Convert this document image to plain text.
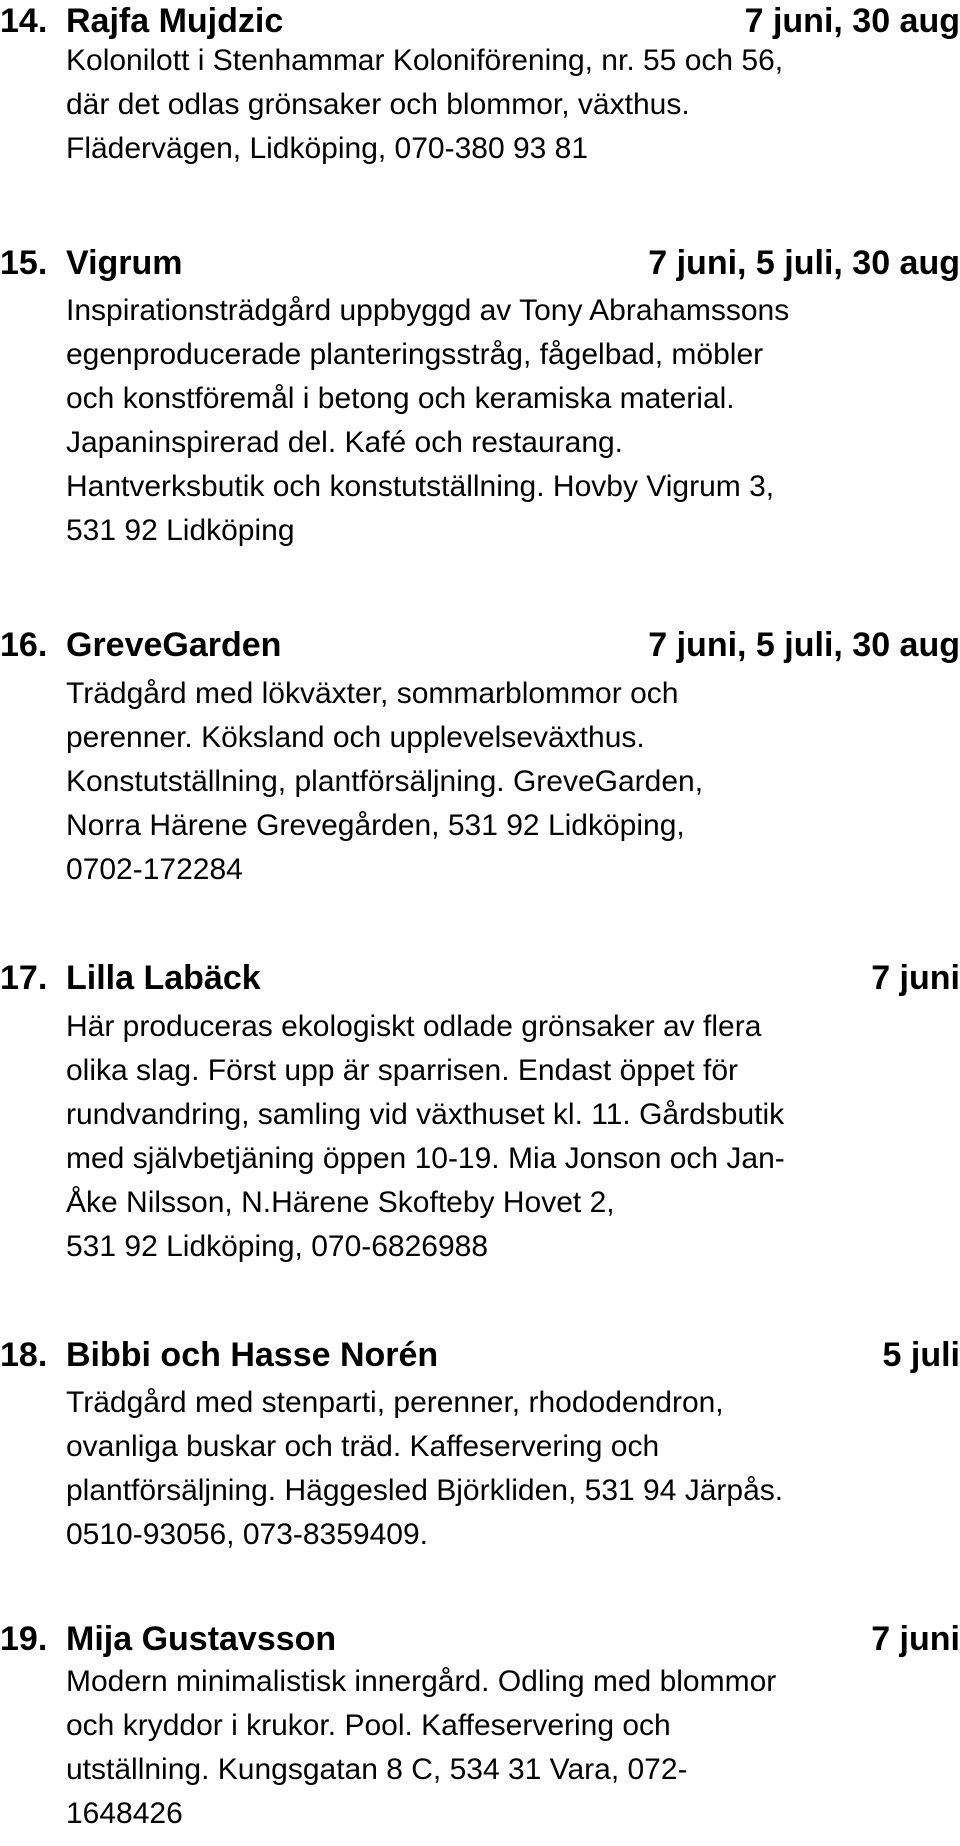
14. Rajfa Mujdzic	7 juni, 30 aug
Kolonilott i Stenhammar Koloniförening, nr. 55 och 56,
där det odlas grönsaker och blommor, växthus.
Flädervägen, Lidköping, 070-380 93 81
15. Vigrum	7 juni, 5 juli, 30 aug
Inspirationsträdgård uppbyggd av Tony Abrahamssons
egenproducerade planteringsstråg, fågelbad, möbler
och konstföremål i betong och keramiska material.
Japaninspirerad del. Kafé och restaurang.
Hantverksbutik och konstutställning. Hovby Vigrum 3,
531 92 Lidköping
16. GreveGarden	7 juni, 5 juli, 30 aug
Trädgård med lökväxter, sommarblommor och
perenner. Köksland och upplevelseväxthus.
Konstutställning, plantförsäljning. GreveGarden,
Norra Härene Grevegården, 531 92 Lidköping,
0702-172284
17. Lilla Labäck	7 juni
Här produceras ekologiskt odlade grönsaker av flera
olika slag. Först upp är sparrisen. Endast öppet för
rundvandring, samling vid växthuset kl. 11. Gårdsbutik
med självbetjäning öppen 10-19. Mia Jonson och Jan-
Åke Nilsson, N.Härene Skofteby Hovet 2,
531 92 Lidköping, 070-6826988
18. Bibbi och Hasse Norén	5 juli
Trädgård med stenparti, perenner, rhododendron,
ovanliga buskar och träd. Kaffeservering och
plantförsäljning. Häggesled Björkliden, 531 94 Järpås.
0510-93056, 073-8359409.
19. Mija Gustavsson	7 juni
Modern minimalistisk innergård. Odling med blommor
och kryddor i krukor. Pool. Kaffeservering och
utställning. Kungsgatan 8 C, 534 31 Vara, 072-
1648426
